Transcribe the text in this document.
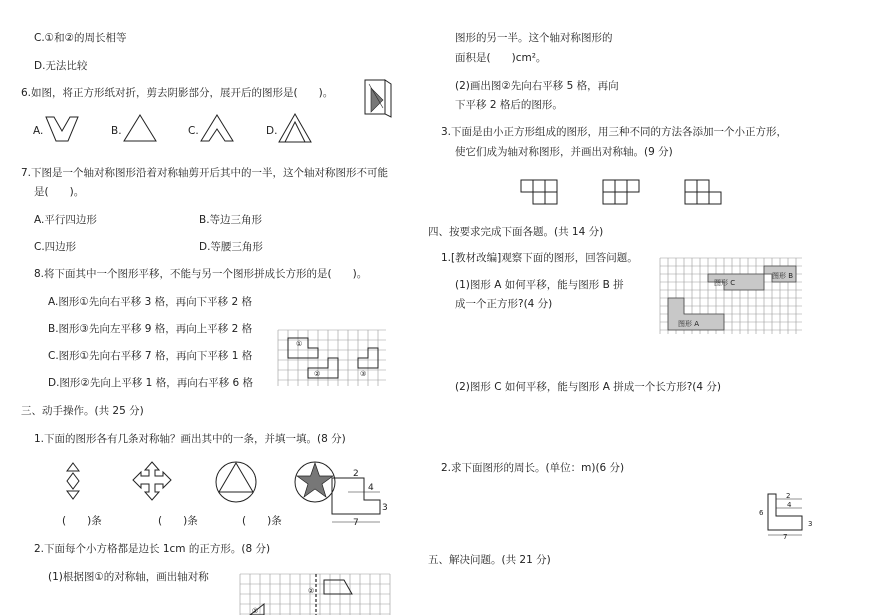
C.①和②的周长相等
D.无法比较
6.如图，将正方形纸对折，剪去阴影部分，展开后的图形是(　　)。
A.	B.	C.	D.
7.下图是一个轴对称图形沿着对称轴剪开后其中的一半，这个轴对称图形不可能
是(　　)。
A.平行四边形	B.等边三角形
C.四边形	D.等腰三角形
8.将下面其中一个图形平移，不能与另一个图形拼成长方形的是(　　)。
A.图形①先向右平移 3 格，再向下平移 2 格
B.图形③先向左平移 9 格，再向上平移 2 格
C.图形①先向右平移 7 格，再向下平移 1 格
D.图形②先向上平移 1 格，再向右平移 6 格
①
②	③
三、动手操作。(共 25 分)
1.下面的图形各有几条对称轴？画出其中的一条，并填一填。(8 分)
2
4
3
7
(　　)条	(　　)条	(　　)条
2.下面每个小方格都是边长 1cm 的正方形。(8 分)
(1)根据图①的对称轴，画出轴对称
②
①
图形的另一半。这个轴对称图形的
面积是(　　)cm²。
(2)画出图②先向右平移 5 格，再向
下平移 2 格后的图形。
3.下面是由小正方形组成的图形，用三种不同的方法各添加一个小正方形，
使它们成为轴对称图形，并画出对称轴。(9 分)
四、按要求完成下面各题。(共 14 分)
1.[教材改编]观察下面的图形，回答问题。
(1)图形 A 如何平移，能与图形 B 拼
成一个正方形?(4 分)
图形 A
图形 C
图形 B
(2)图形 C 如何平移，能与图形 A 拼成一个长方形?(4 分)
2.求下面图形的周长。(单位：m)(6 分)
2
4
6
3
7
五、解决问题。(共 21 分)
